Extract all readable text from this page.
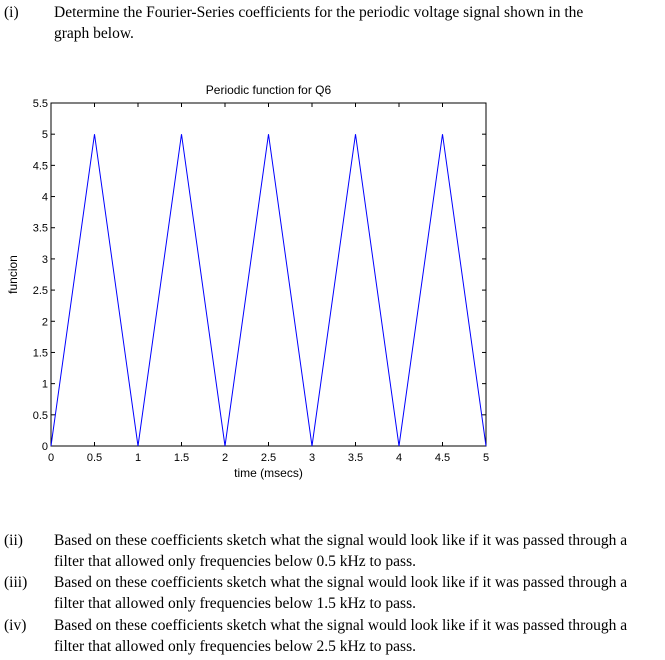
(i) Determine the Fourier-Series coefficients for the periodic voltage signal shown in the graph below.
0	0.5	1	1.5	2	2.5	3	3.5	4	4.5	5
0
0.5
1
1.5
2
2.5
3
3.5
4
4.5
5
5.5
Periodic function for Q6
time (msecs)
funcion
(ii) Based on these coefficients sketch what the signal would look like if it was passed through a filter that allowed only frequencies below 0.5 kHz to pass.
(iii) Based on these coefficients sketch what the signal would look like if it was passed through a filter that allowed only frequencies below 1.5 kHz to pass.
(iv) Based on these coefficients sketch what the signal would look like if it was passed through a filter that allowed only frequencies below 2.5 kHz to pass.
